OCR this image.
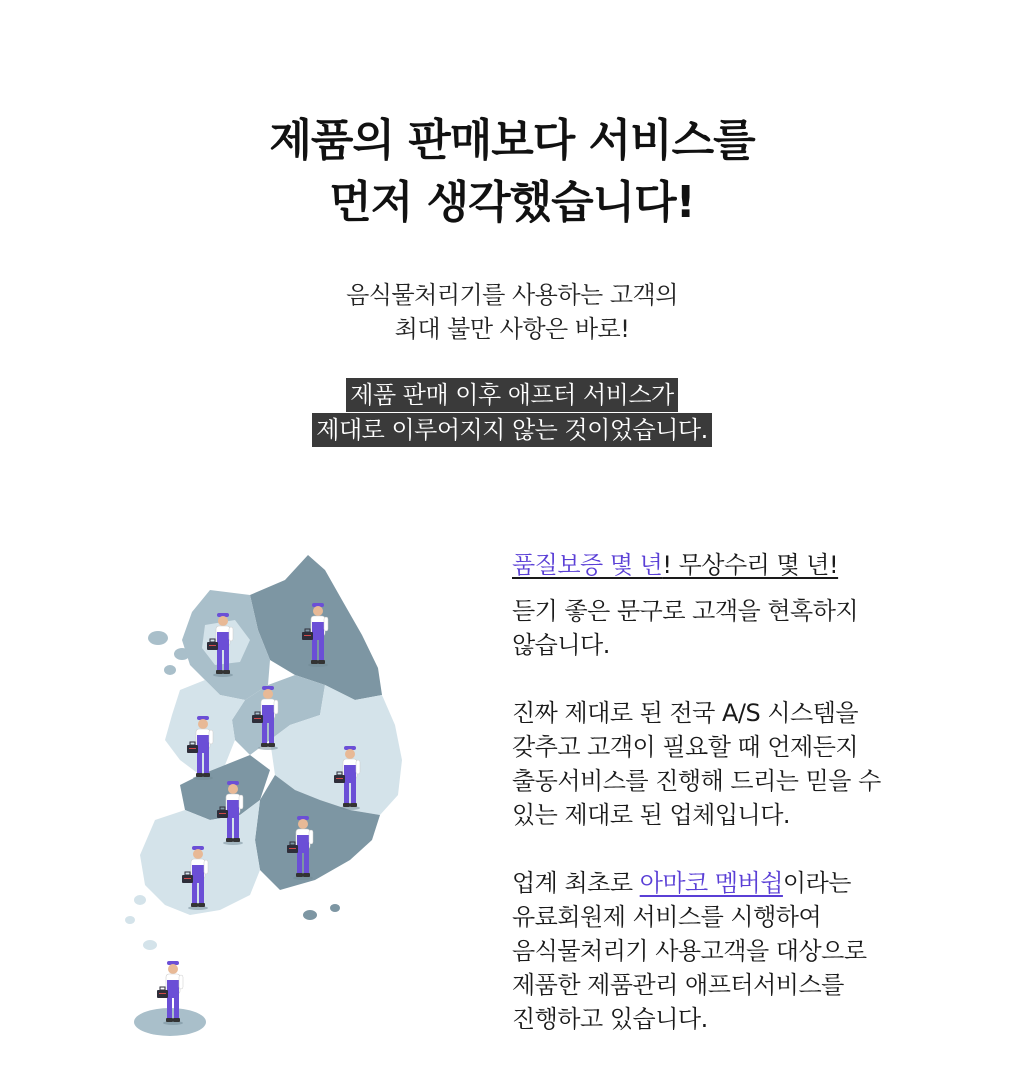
제품의 판매보다 서비스를
먼저 생각했습니다!
음식물처리기를 사용하는 고객의
최대 불만 사항은 바로!
제품 판매 이후 애프터 서비스가
제대로 이루어지지 않는 것이었습니다.

품질보증 몇 년! 무상수리 몇 년!

듣기 좋은 문구로 고객을 현혹하지

않습니다.

진짜 제대로 된 전국 A/S 시스템을

갖추고 고객이 필요할 때 언제든지

출동서비스를 진행해 드리는 믿을 수

있는 제대로 된 업체입니다.

업계 최초로 아마코 멤버쉽이라는

유료회원제 서비스를 시행하여

음식물처리기 사용고객을 대상으로

제품한 제품관리 애프터서비스를

진행하고 있습니다.
